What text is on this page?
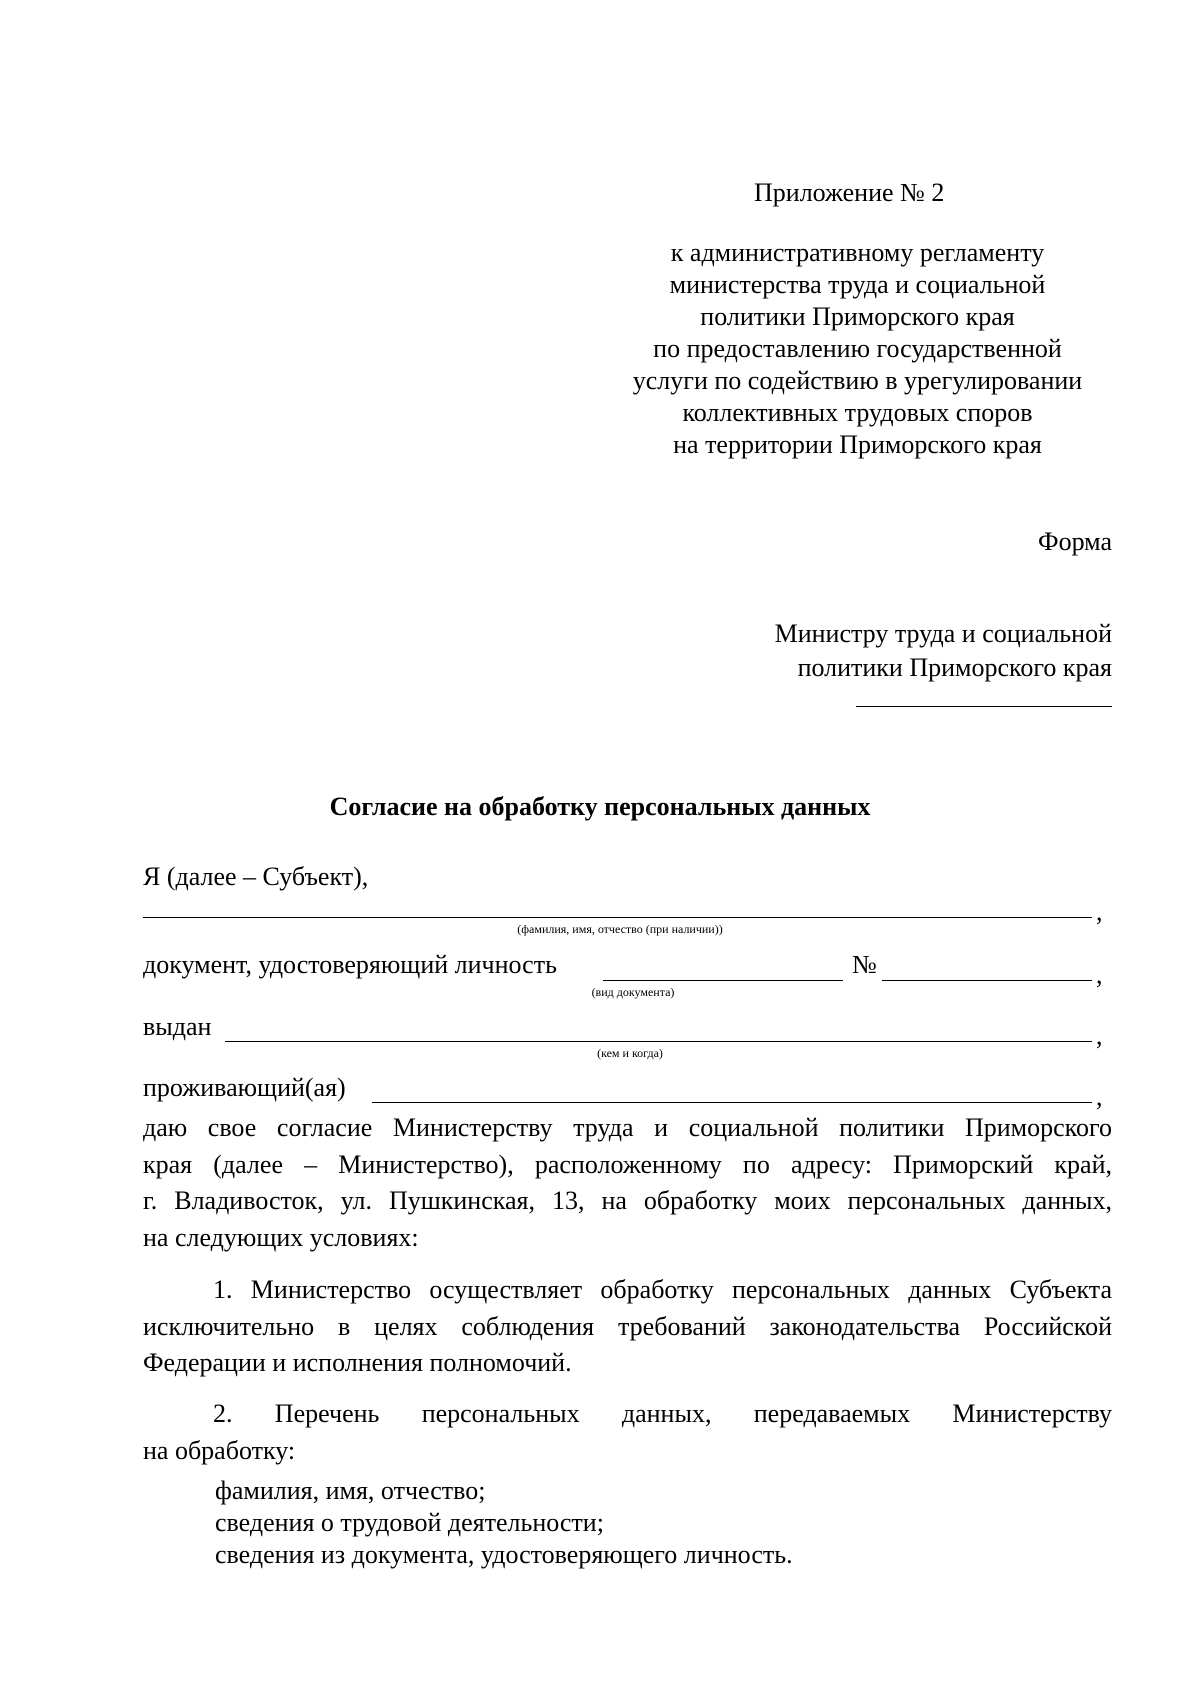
Приложение № 2
к административному регламенту
министерства труда и социальной
политики Приморского края
по предоставлению государственной
услуги по содействию в урегулировании
коллективных трудовых споров
на территории Приморского края
Форма
Министру труда и социальной
политики Приморского края
Согласие на обработку персональных данных
Я (далее – Субъект),
,
(фамилия, имя, отчество (при наличии))
документ, удостоверяющий личность	№	,
(вид документа)
выдан	,
(кем и когда)
проживающий(ая)	,
даю свое согласие Министерству труда и социальной политики Приморского
края (далее – Министерство), расположенному по адресу: Приморский край,
г. Владивосток, ул. Пушкинская, 13, на обработку моих персональных данных,
на следующих условиях:
1. Министерство осуществляет обработку персональных данных Субъекта
исключительно в целях соблюдения требований законодательства Российской
Федерации и исполнения полномочий.
2. Перечень персональных данных, передаваемых Министерству
на обработку:
фамилия, имя, отчество;
сведения о трудовой деятельности;
сведения из документа, удостоверяющего личность.
